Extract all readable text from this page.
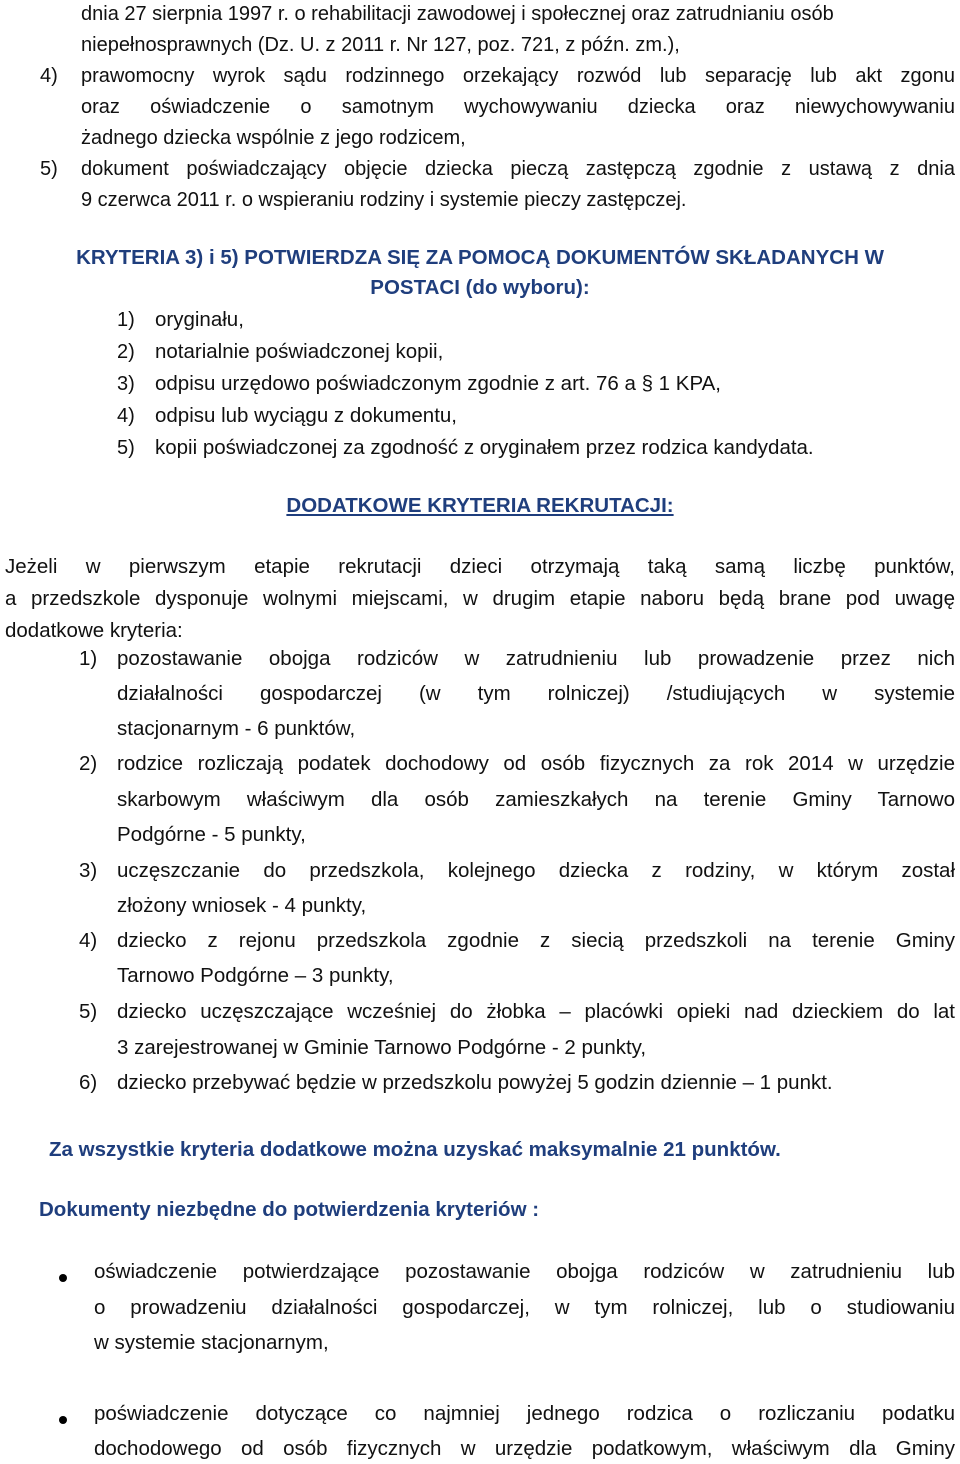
dnia 27 sierpnia 1997 r. o rehabilitacji zawodowej i społecznej oraz zatrudnianiu osób
niepełnosprawnych (Dz. U. z 2011 r. Nr 127, poz. 721, z późn. zm.),
4) prawomocny wyrok sądu rodzinnego orzekający rozwód lub separację lub akt zgonu
oraz oświadczenie o samotnym wychowywaniu dziecka oraz niewychowywaniu
żadnego dziecka wspólnie z jego rodzicem,
5) dokument poświadczający objęcie dziecka pieczą zastępczą zgodnie z ustawą z dnia
9 czerwca 2011 r. o wspieraniu rodziny i systemie pieczy zastępczej.
KRYTERIA 3) i 5) POTWIERDZA SIĘ ZA POMOCĄ DOKUMENTÓW SKŁADANYCH W
POSTACI (do wyboru):
1) oryginału,
2) notarialnie poświadczonej kopii,
3) odpisu urzędowo poświadczonym zgodnie z art. 76 a § 1 KPA,
4) odpisu lub wyciągu z dokumentu,
5) kopii poświadczonej za zgodność z oryginałem przez rodzica kandydata.
DODATKOWE KRYTERIA REKRUTACJI:
Jeżeli w pierwszym etapie rekrutacji dzieci otrzymają taką samą liczbę punktów,
a przedszkole dysponuje wolnymi miejscami, w drugim etapie naboru będą brane pod uwagę
dodatkowe kryteria:
1) pozostawanie obojga rodziców w zatrudnieniu lub prowadzenie przez nich
działalności gospodarczej (w tym rolniczej) /studiujących w systemie
stacjonarnym - 6 punktów,
2) rodzice rozliczają podatek dochodowy od osób fizycznych za rok 2014 w urzędzie
skarbowym właściwym dla osób zamieszkałych na terenie Gminy Tarnowo
Podgórne - 5 punkty,
3) uczęszczanie do przedszkola, kolejnego dziecka z rodziny, w którym został
złożony wniosek - 4 punkty,
4) dziecko z rejonu przedszkola zgodnie z siecią przedszkoli na terenie Gminy
Tarnowo Podgórne – 3 punkty,
5) dziecko uczęszczające wcześniej do żłobka – placówki opieki nad dzieckiem do lat
3 zarejestrowanej w Gminie Tarnowo Podgórne - 2 punkty,
6) dziecko przebywać będzie w przedszkolu powyżej 5 godzin dziennie – 1 punkt.
Za wszystkie kryteria dodatkowe można uzyskać maksymalnie 21 punktów.
Dokumenty niezbędne do potwierdzenia kryteriów :
oświadczenie potwierdzające pozostawanie obojga rodziców w zatrudnieniu lub
o prowadzeniu działalności gospodarczej, w tym rolniczej, lub o studiowaniu
w systemie stacjonarnym,
poświadczenie dotyczące co najmniej jednego rodzica o rozliczaniu podatku
dochodowego od osób fizycznych w urzędzie podatkowym, właściwym dla Gminy
